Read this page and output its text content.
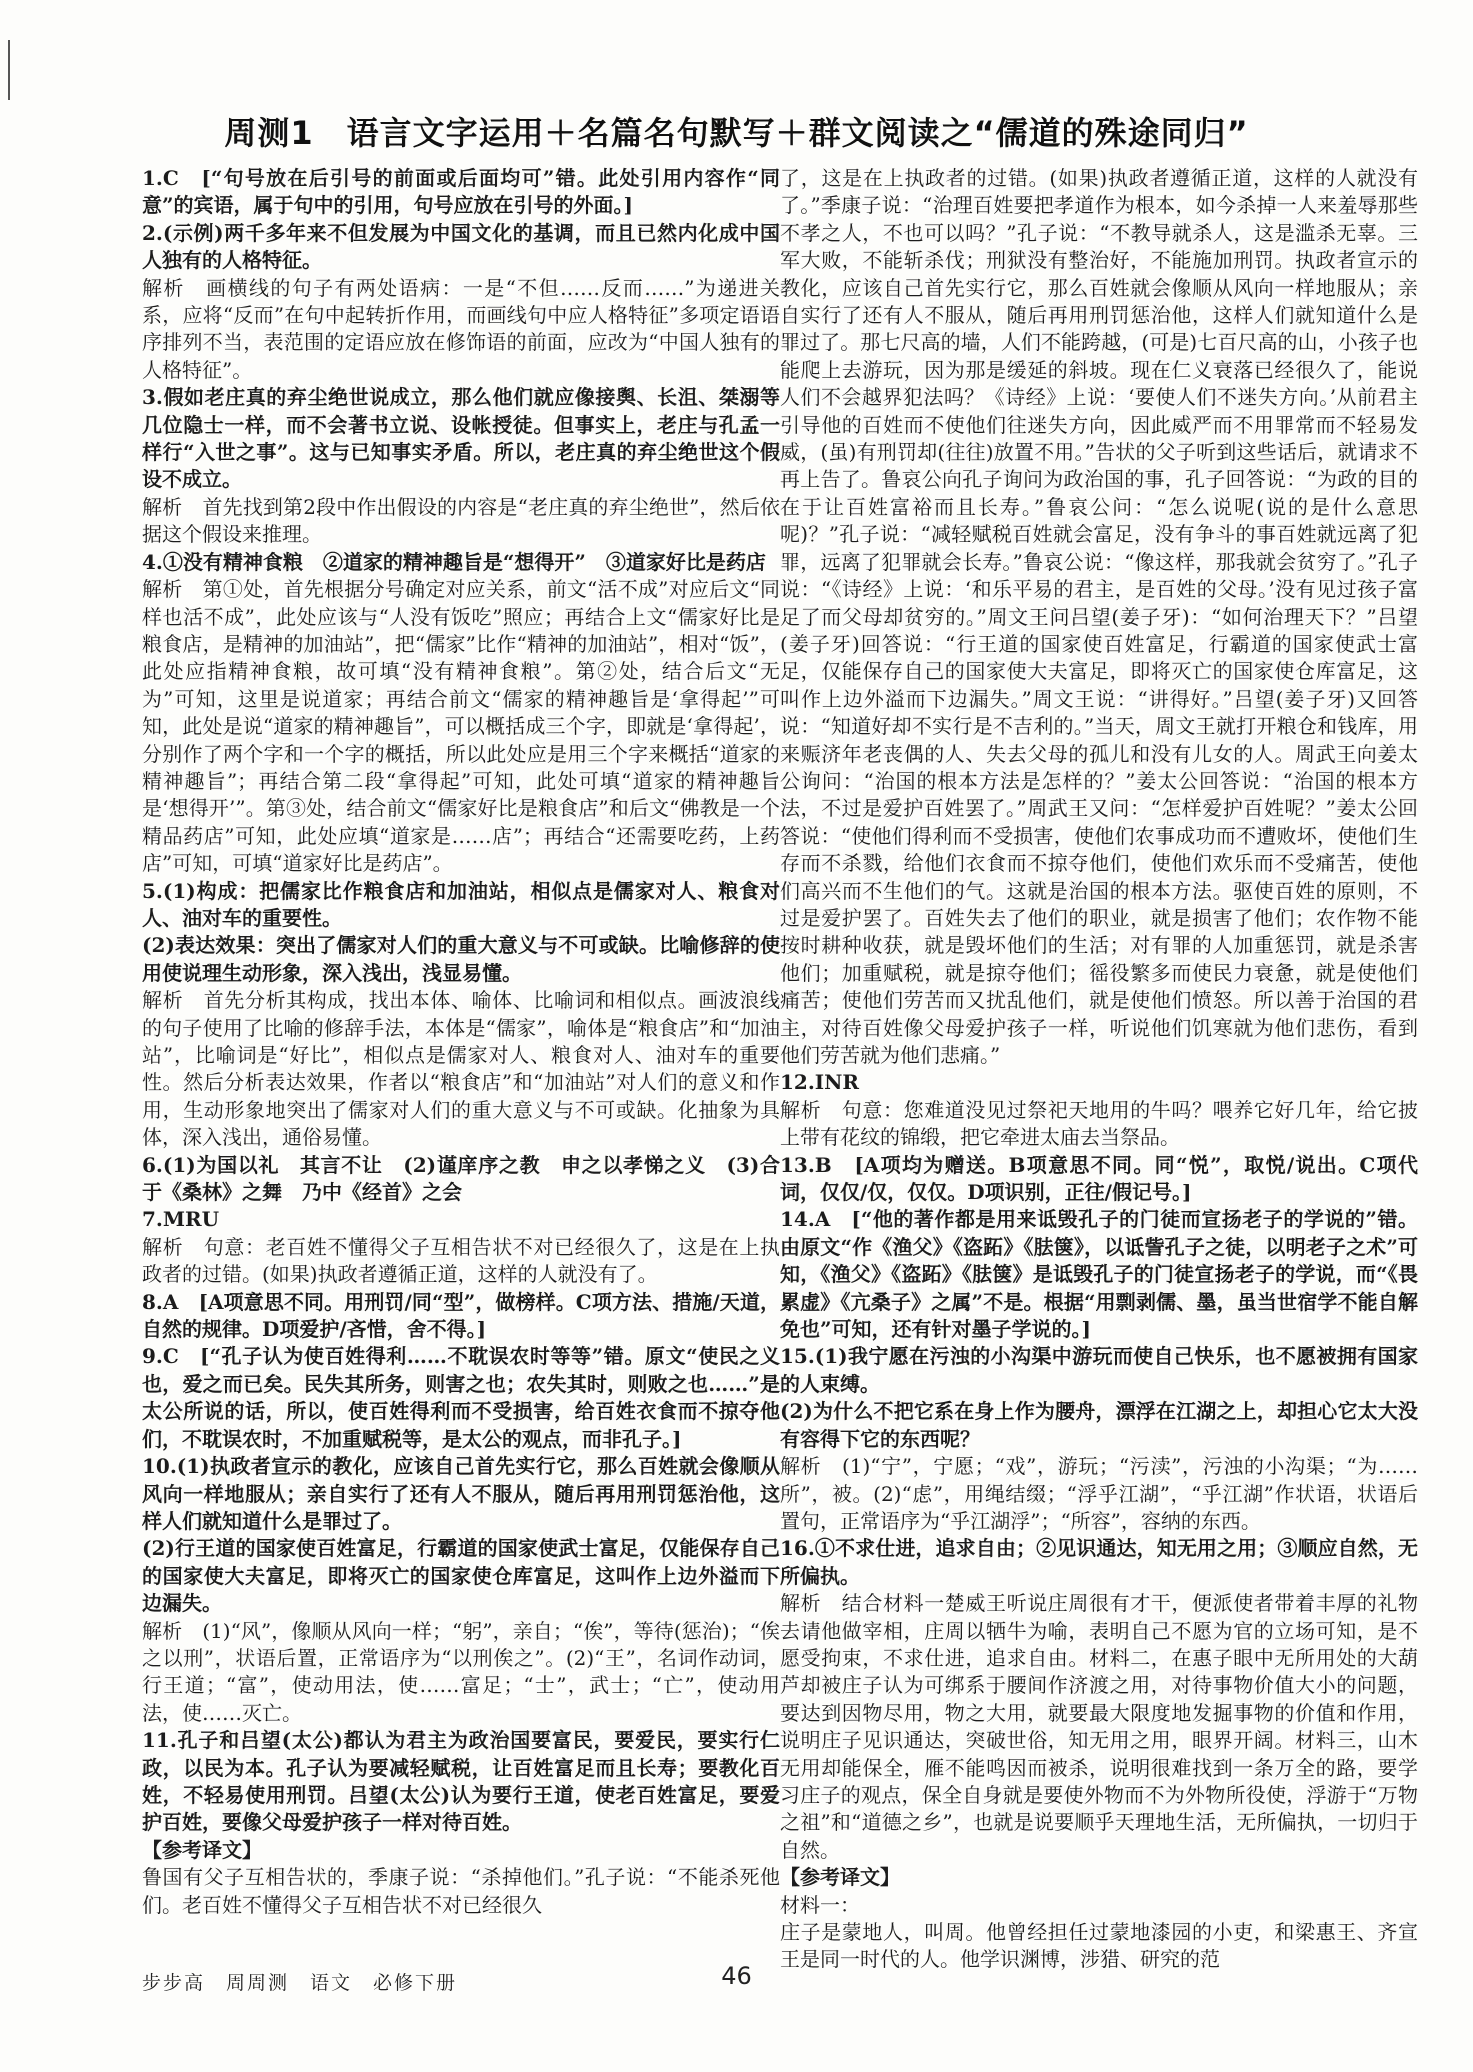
周测1　语言文字运用＋名篇名句默写＋群文阅读之“儒道的殊途同归”

1.C　[“句号放在后引号的前面或后面均可”错。此处引用内容作“同意”的宾语，属于句中的引用，句号应放在引号的外面。]

2.(示例)两千多年来不但发展为中国文化的基调，而且已然内化成中国人独有的人格特征。

解析　画横线的句子有两处语病：一是“不但……反而……”为递进关系，应将“反而”在句中起转折作用，而画线句中应人格特征”多项定语语序排列不当，表范围的定语应放在修饰语的前面，应改为“中国人独有的人格特征”。

3.假如老庄真的弃尘绝世说成立，那么他们就应像接舆、长沮、桀溺等几位隐士一样，而不会著书立说、设帐授徒。但事实上，老庄与孔孟一样行“入世之事”。这与已知事实矛盾。所以，老庄真的弃尘绝世这个假设不成立。

解析　首先找到第2段中作出假设的内容是“老庄真的弃尘绝世”，然后依据这个假设来推理。

4.①没有精神食粮　②道家的精神趣旨是“想得开”　③道家好比是药店

解析　第①处，首先根据分号确定对应关系，前文“活不成”对应后文“同样也活不成”，此处应该与“人没有饭吃”照应；再结合上文“儒家好比是粮食店，是精神的加油站”，把“儒家”比作“精神的加油站”，相对“饭”，此处应指精神食粮，故可填“没有精神食粮”。第②处，结合后文“无为”可知，这里是说道家；再结合前文“儒家的精神趣旨是‘拿得起’”可知，此处是说“道家的精神趣旨”，可以概括成三个字，即就是‘拿得起’，分别作了两个字和一个字的概括，所以此处应是用三个字来概括“道家的精神趣旨”；再结合第二段“拿得起”可知，此处可填“道家的精神趣旨是‘想得开’”。第③处，结合前文“儒家好比是粮食店”和后文“佛教是一个精品药店”可知，此处应填“道家是……店”；再结合“还需要吃药，上药店”可知，可填“道家好比是药店”。

5.(1)构成：把儒家比作粮食店和加油站，相似点是儒家对人、粮食对人、油对车的重要性。

(2)表达效果：突出了儒家对人们的重大意义与不可或缺。比喻修辞的使用使说理生动形象，深入浅出，浅显易懂。

解析　首先分析其构成，找出本体、喻体、比喻词和相似点。画波浪线的句子使用了比喻的修辞手法，本体是“儒家”，喻体是“粮食店”和“加油站”，比喻词是“好比”，相似点是儒家对人、粮食对人、油对车的重要性。然后分析表达效果，作者以“粮食店”和“加油站”对人们的意义和作用，生动形象地突出了儒家对人们的重大意义与不可或缺。化抽象为具体，深入浅出，通俗易懂。

6.(1)为国以礼　其言不让　(2)谨庠序之教　申之以孝悌之义　(3)合于《桑林》之舞　乃中《经首》之会

7.MRU

解析　句意：老百姓不懂得父子互相告状不对已经很久了，这是在上执政者的过错。(如果)执政者遵循正道，这样的人就没有了。

8.A　[A项意思不同。用刑罚/同“型”，做榜样。C项方法、措施/天道，自然的规律。D项爱护/吝惜，舍不得。]

9.C　[“孔子认为使百姓得利……不耽误农时等等”错。原文“使民之义也，爱之而已矣。民失其所务，则害之也；农失其时，则败之也……”是太公所说的话，所以，使百姓得利而不受损害，给百姓衣食而不掠夺他们，不耽误农时，不加重赋税等，是太公的观点，而非孔子。]

10.(1)执政者宣示的教化，应该自己首先实行它，那么百姓就会像顺从风向一样地服从；亲自实行了还有人不服从，随后再用刑罚惩治他，这样人们就知道什么是罪过了。

(2)行王道的国家使百姓富足，行霸道的国家使武士富足，仅能保存自己的国家使大夫富足，即将灭亡的国家使仓库富足，这叫作上边外溢而下边漏失。

解析　(1)“风”，像顺从风向一样；“躬”，亲自；“俟”，等待(惩治)；“俟之以刑”，状语后置，正常语序为“以刑俟之”。(2)“王”，名词作动词，行王道；“富”，使动用法，使……富足；“士”，武士；“亡”，使动用法，使……灭亡。

11.孔子和吕望(太公)都认为君主为政治国要富民，要爱民，要实行仁政，以民为本。孔子认为要减轻赋税，让百姓富足而且长寿；要教化百姓，不轻易使用刑罚。吕望(太公)认为要行王道，使老百姓富足，要爱护百姓，要像父母爱护孩子一样对待百姓。

【参考译文】

鲁国有父子互相告状的，季康子说：“杀掉他们。”孔子说：“不能杀死他们。老百姓不懂得父子互相告状不对已经很久

了，这是在上执政者的过错。(如果)执政者遵循正道，这样的人就没有了。”季康子说：“治理百姓要把孝道作为根本，如今杀掉一人来羞辱那些不孝之人，不也可以吗？”孔子说：“不教导就杀人，这是滥杀无辜。三军大败，不能斩杀伐；刑狱没有整治好，不能施加刑罚。执政者宣示的教化，应该自己首先实行它，那么百姓就会像顺从风向一样地服从；亲自实行了还有人不服从，随后再用刑罚惩治他，这样人们就知道什么是罪过了。那七尺高的墙，人们不能跨越，(可是)七百尺高的山，小孩子也能爬上去游玩，因为那是缓延的斜坡。现在仁义衰落已经很久了，能说人们不会越界犯法吗？《诗经》上说：‘要使人们不迷失方向。’从前君主引导他的百姓而不使他们往迷失方向，因此威严而不用罪常而不轻易发威，(虽)有刑罚却(往往)放置不用。”告状的父子听到这些话后，就请求不再上告了。鲁哀公向孔子询问为政治国的事，孔子回答说：“为政的目的在于让百姓富裕而且长寿。”鲁哀公问：“怎么说呢(说的是什么意思呢)？”孔子说：“减轻赋税百姓就会富足，没有争斗的事百姓就远离了犯罪，远离了犯罪就会长寿。”鲁哀公说：“像这样，那我就会贫穷了。”孔子说：“《诗经》上说：‘和乐平易的君主，是百姓的父母。’没有见过孩子富足了而父母却贫穷的。”周文王问吕望(姜子牙)：“如何治理天下？”吕望(姜子牙)回答说：“行王道的国家使百姓富足，行霸道的国家使武士富足，仅能保存自己的国家使大夫富足，即将灭亡的国家使仓库富足，这叫作上边外溢而下边漏失。”周文王说：“讲得好。”吕望(姜子牙)又回答说：“知道好却不实行是不吉利的。”当天，周文王就打开粮仓和钱库，用来赈济年老丧偶的人、失去父母的孤儿和没有儿女的人。周武王向姜太公询问：“治国的根本方法是怎样的？”姜太公回答说：“治国的根本方法，不过是爱护百姓罢了。”周武王又问：“怎样爱护百姓呢？”姜太公回答说：“使他们得利而不受损害，使他们农事成功而不遭败坏，使他们生存而不杀戮，给他们衣食而不掠夺他们，使他们欢乐而不受痛苦，使他们高兴而不生他们的气。这就是治国的根本方法。驱使百姓的原则，不过是爱护罢了。百姓失去了他们的职业，就是损害了他们；农作物不能按时耕种收获，就是毁坏他们的生活；对有罪的人加重惩罚，就是杀害他们；加重赋税，就是掠夺他们；徭役繁多而使民力衰惫，就是使他们痛苦；使他们劳苦而又扰乱他们，就是使他们愤怒。所以善于治国的君主，对待百姓像父母爱护孩子一样，听说他们饥寒就为他们悲伤，看到他们劳苦就为他们悲痛。”

12.INR

解析　句意：您难道没见过祭祀天地用的牛吗？喂养它好几年，给它披上带有花纹的锦缎，把它牵进太庙去当祭品。

13.B　[A项均为赠送。B项意思不同。同“悦”，取悦/说出。C项代词，仅仅/仅，仅仅。D项识别，正往/假记号。]

14.A　[“他的著作都是用来诋毁孔子的门徒而宣扬老子的学说的”错。由原文“作《渔父》《盗跖》《胠箧》，以诋訾孔子之徒，以明老子之术”可知，《渔父》《盗跖》《胠箧》是诋毁孔子的门徒宣扬老子的学说，而“《畏累虚》《亢桑子》之属”不是。根据“用剽剥儒、墨，虽当世宿学不能自解免也”可知，还有针对墨子学说的。]

15.(1)我宁愿在污浊的小沟渠中游玩而使自己快乐，也不愿被拥有国家的人束缚。

(2)为什么不把它系在身上作为腰舟，漂浮在江湖之上，却担心它太大没有容得下它的东西呢？

解析　(1)“宁”，宁愿；“戏”，游玩；“污渎”，污浊的小沟渠；“为……所”，被。(2)“虑”，用绳结缀；“浮乎江湖”，“乎江湖”作状语，状语后置句，正常语序为“乎江湖浮”；“所容”，容纳的东西。

16.①不求仕进，追求自由；②见识通达，知无用之用；③顺应自然，无所偏执。

解析　结合材料一楚威王听说庄周很有才干，便派使者带着丰厚的礼物去请他做宰相，庄周以牺牛为喻，表明自己不愿为官的立场可知，是不愿受拘束，不求仕进，追求自由。材料二，在惠子眼中无所用处的大葫芦却被庄子认为可绑系于腰间作济渡之用，对待事物价值大小的问题，要达到因物尽用，物之大用，就要最大限度地发掘事物的价值和作用，说明庄子见识通达，突破世俗，知无用之用，眼界开阔。材料三，山木无用却能保全，雁不能鸣因而被杀，说明很难找到一条万全的路，要学习庄子的观点，保全自身就是要使外物而不为外物所役使，浮游于“万物之祖”和“道德之乡”，也就是说要顺乎天理地生活，无所偏执，一切归于自然。

【参考译文】

材料一：

庄子是蒙地人，叫周。他曾经担任过蒙地漆园的小吏，和梁惠王、齐宣王是同一时代的人。他学识渊博，涉猎、研究的范

步步高　周周测　语文　必修下册	46
